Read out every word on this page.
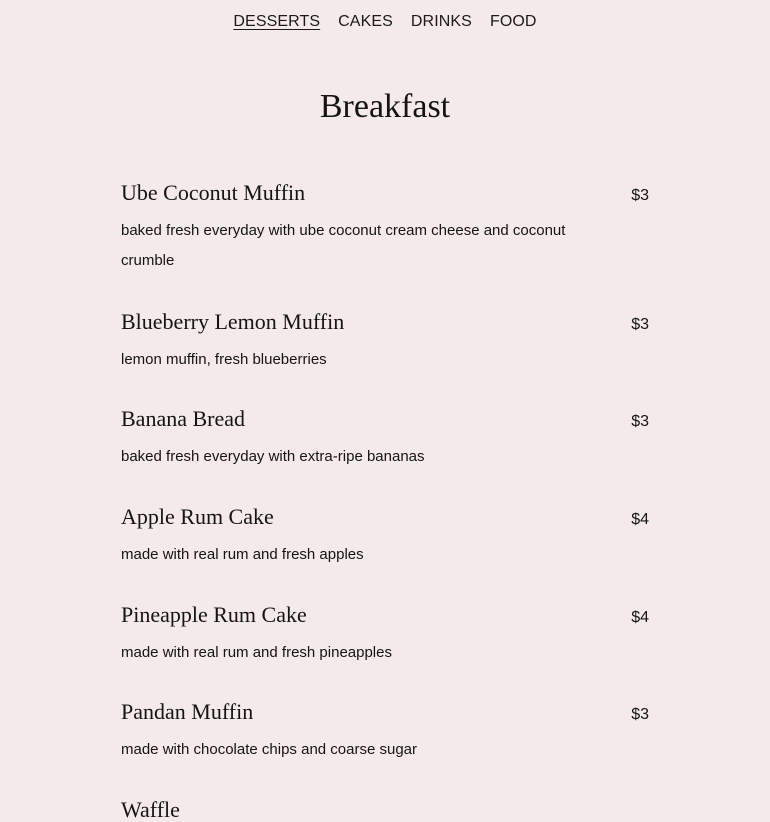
DESSERTS	CAKES	DRINKS	FOOD
Breakfast
Ube Coconut Muffin	$3
baked fresh everyday with ube coconut cream cheese and coconut crumble
Blueberry Lemon Muffin	$3
lemon muffin, fresh blueberries
Banana Bread	$3
baked fresh everyday with extra-ripe bananas
Apple Rum Cake	$4
made with real rum and fresh apples
Pineapple Rum Cake	$4
made with real rum and fresh pineapples
Pandan Muffin	$3
made with chocolate chips and coarse sugar
Waffle
